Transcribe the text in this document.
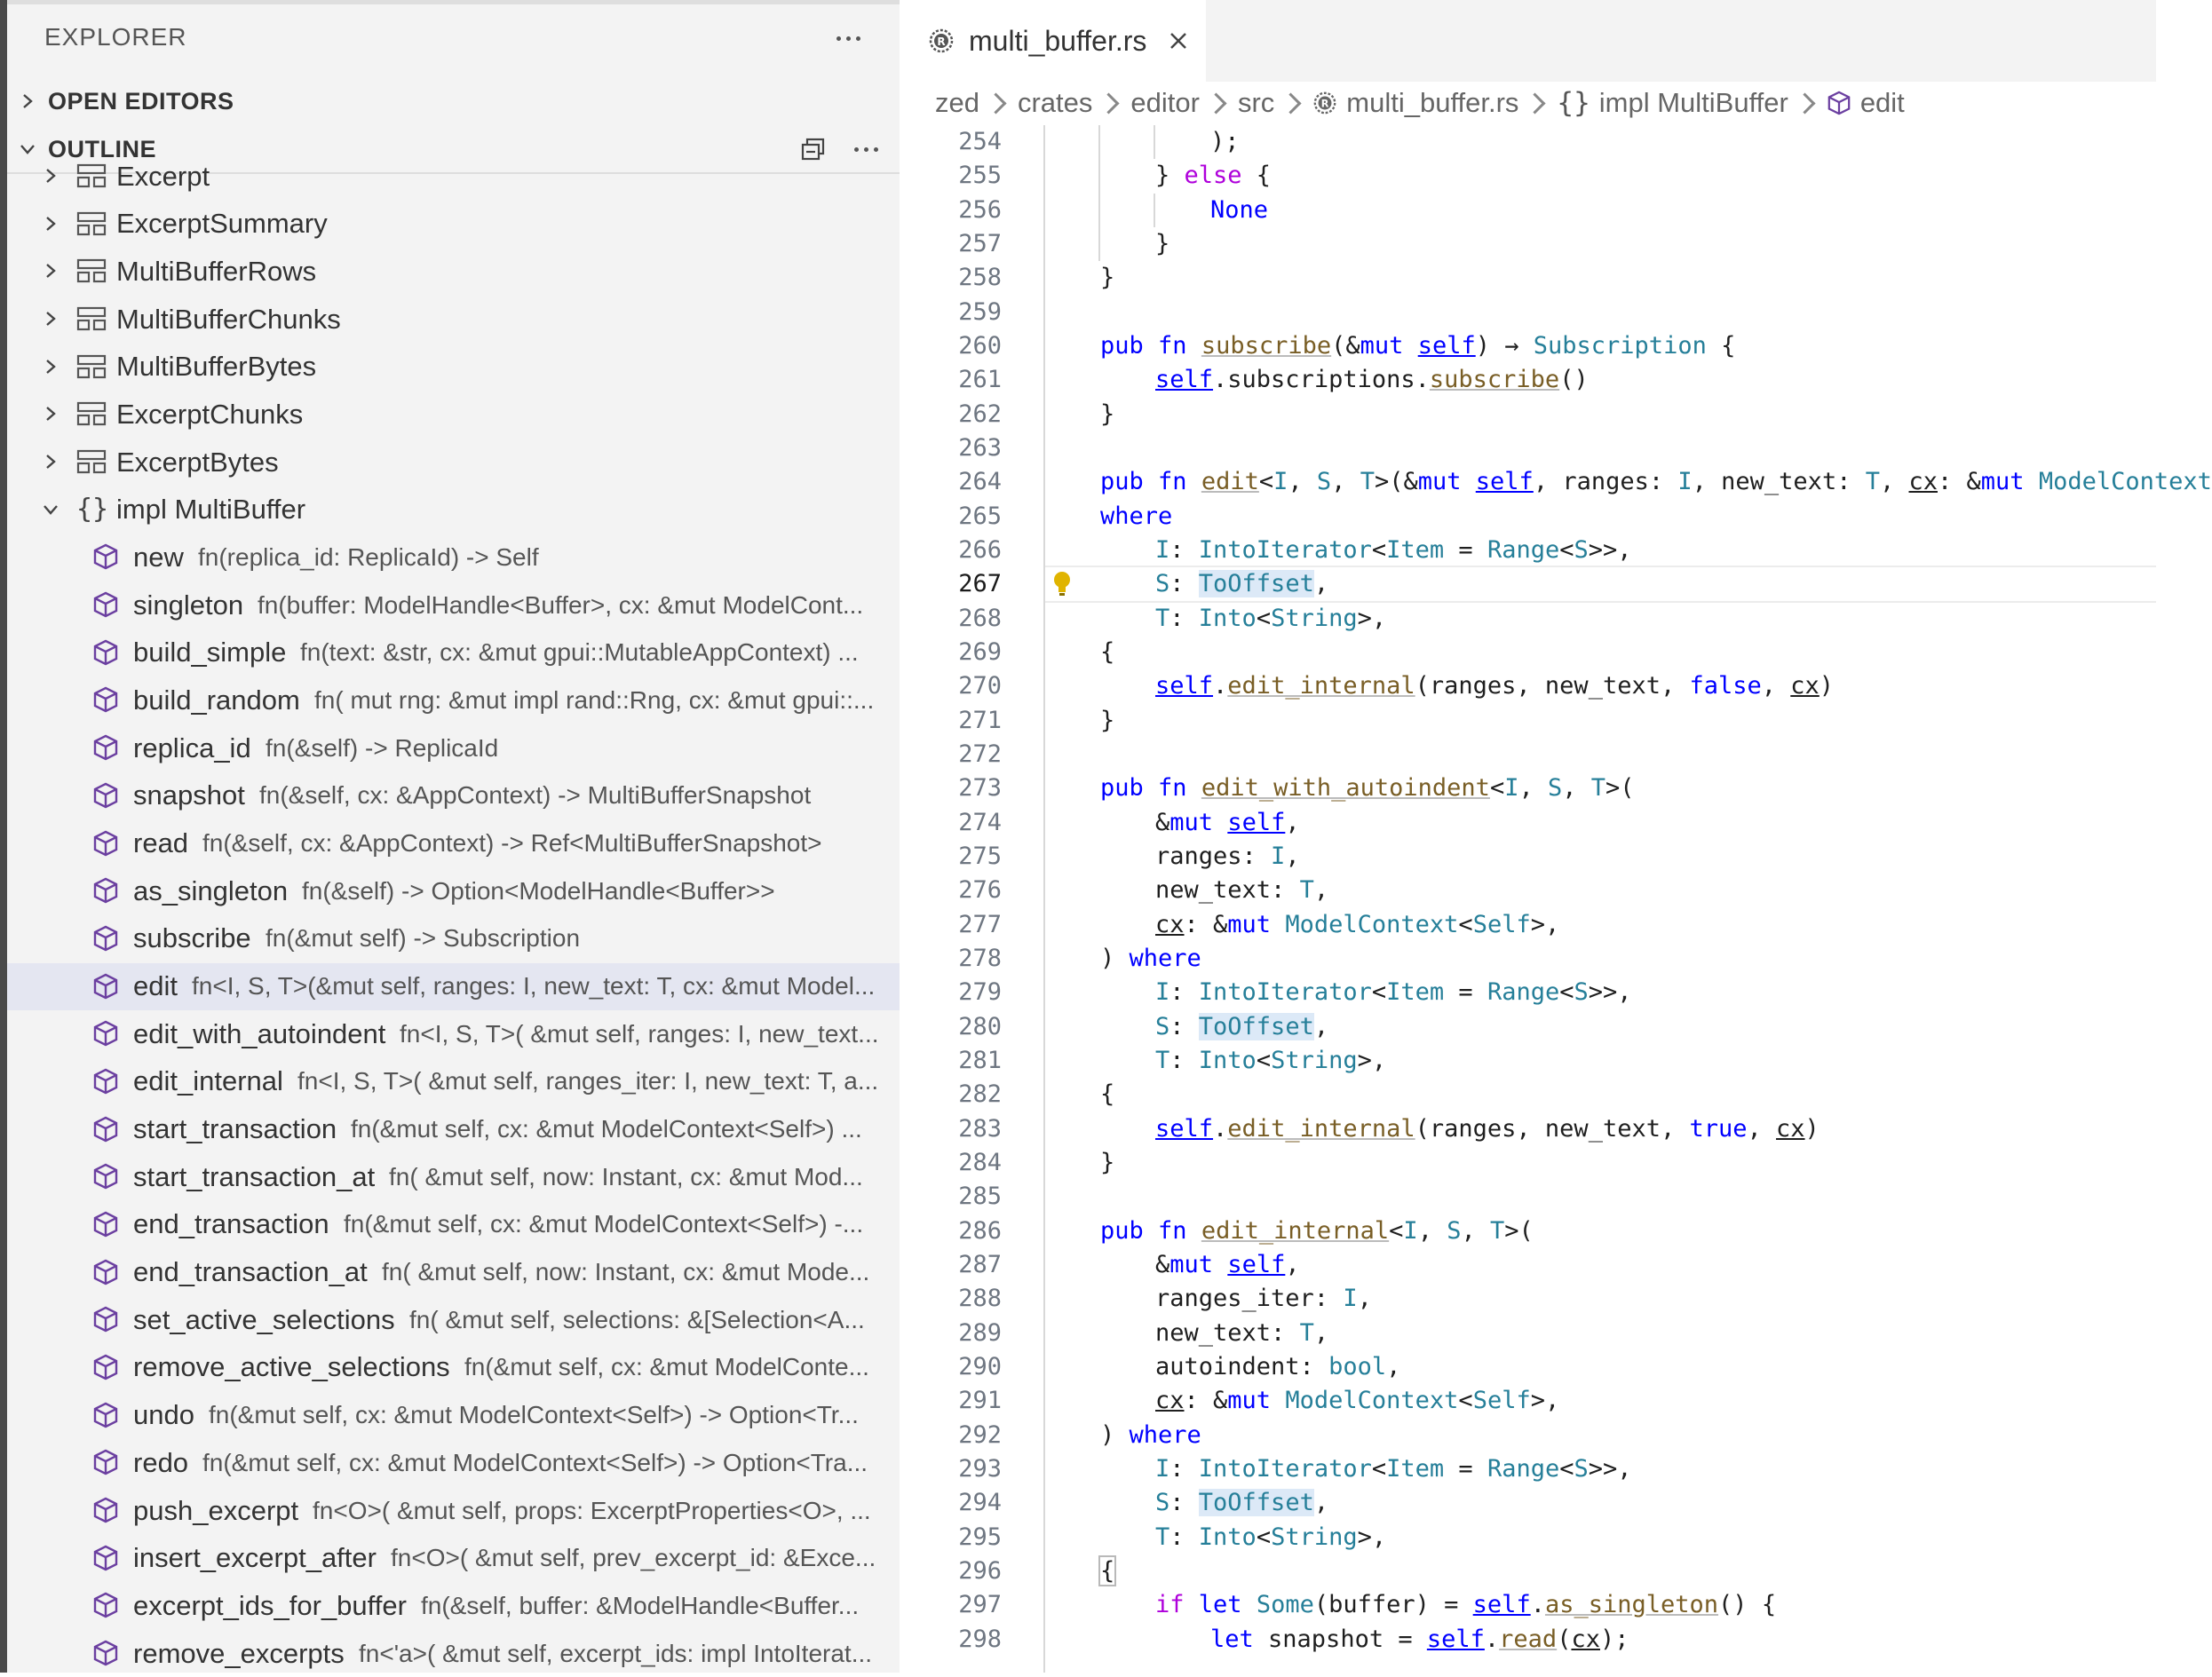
EXPLORER
OPEN EDITORS
OUTLINE
Excerpt
ExcerptSummary
MultiBufferRows
MultiBufferChunks
MultiBufferBytes
ExcerptChunks
ExcerptBytes
{} impl MultiBuffer
new fn(replica_id: ReplicaId) -> Self
singleton fn(buffer: ModelHandle<Buffer>, cx: &mut ModelCont...
build_simple fn(text: &str, cx: &mut gpui::MutableAppContext) ...
build_random fn( mut rng: &mut impl rand::Rng, cx: &mut gpui::...
replica_id fn(&self) -> ReplicaId
snapshot fn(&self, cx: &AppContext) -> MultiBufferSnapshot
read fn(&self, cx: &AppContext) -> Ref<MultiBufferSnapshot>
as_singleton fn(&self) -> Option<ModelHandle<Buffer>>
subscribe fn(&mut self) -> Subscription
edit fn<I, S, T>(&mut self, ranges: I, new_text: T, cx: &mut Model...
edit_with_autoindent fn<I, S, T>( &mut self, ranges: I, new_text...
edit_internal fn<I, S, T>( &mut self, ranges_iter: I, new_text: T, a...
start_transaction fn(&mut self, cx: &mut ModelContext<Self>) ...
start_transaction_at fn( &mut self, now: Instant, cx: &mut Mod...
end_transaction fn(&mut self, cx: &mut ModelContext<Self>) -...
end_transaction_at fn( &mut self, now: Instant, cx: &mut Mode...
set_active_selections fn( &mut self, selections: &[Selection<A...
remove_active_selections fn(&mut self, cx: &mut ModelConte...
undo fn(&mut self, cx: &mut ModelContext<Self>) -> Option<Tr...
redo fn(&mut self, cx: &mut ModelContext<Self>) -> Option<Tra...
push_excerpt fn<O>( &mut self, props: ExcerptProperties<O>, ...
insert_excerpt_after fn<O>( &mut self, prev_excerpt_id: &Exce...
excerpt_ids_for_buffer fn(&self, buffer: &ModelHandle<Buffer...
remove_excerpts fn<'a>( &mut self, excerpt_ids: impl IntoIterat...
R multi_buffer.rs
zed crates editor src	R multi_buffer.rs {} impl MultiBuffer	edit
254	);
255	} else {
256	None
257	}
258	}
259
260	pub fn subscribe(&mut self) → Subscription {
261	self.subscriptions.subscribe()
262	}
263
264	pub fn edit<I, S, T>(&mut self, ranges: I, new_text: T, cx: &mut ModelContext
265	where
266	I: IntoIterator<Item = Range<S>>,
267	S: ToOffset,
268	T: Into<String>,
269	{
270	self.edit_internal(ranges, new_text, false, cx)
271	}
272
273	pub fn edit_with_autoindent<I, S, T>(
274	&mut self,
275	ranges: I,
276	new_text: T,
277	cx: &mut ModelContext<Self>,
278	) where
279	I: IntoIterator<Item = Range<S>>,
280	S: ToOffset,
281	T: Into<String>,
282	{
283	self.edit_internal(ranges, new_text, true, cx)
284	}
285
286	pub fn edit_internal<I, S, T>(
287	&mut self,
288	ranges_iter: I,
289	new_text: T,
290	autoindent: bool,
291	cx: &mut ModelContext<Self>,
292	) where
293	I: IntoIterator<Item = Range<S>>,
294	S: ToOffset,
295	T: Into<String>,
296	{
297	if let Some(buffer) = self.as_singleton() {
298	let snapshot = self.read(cx);
